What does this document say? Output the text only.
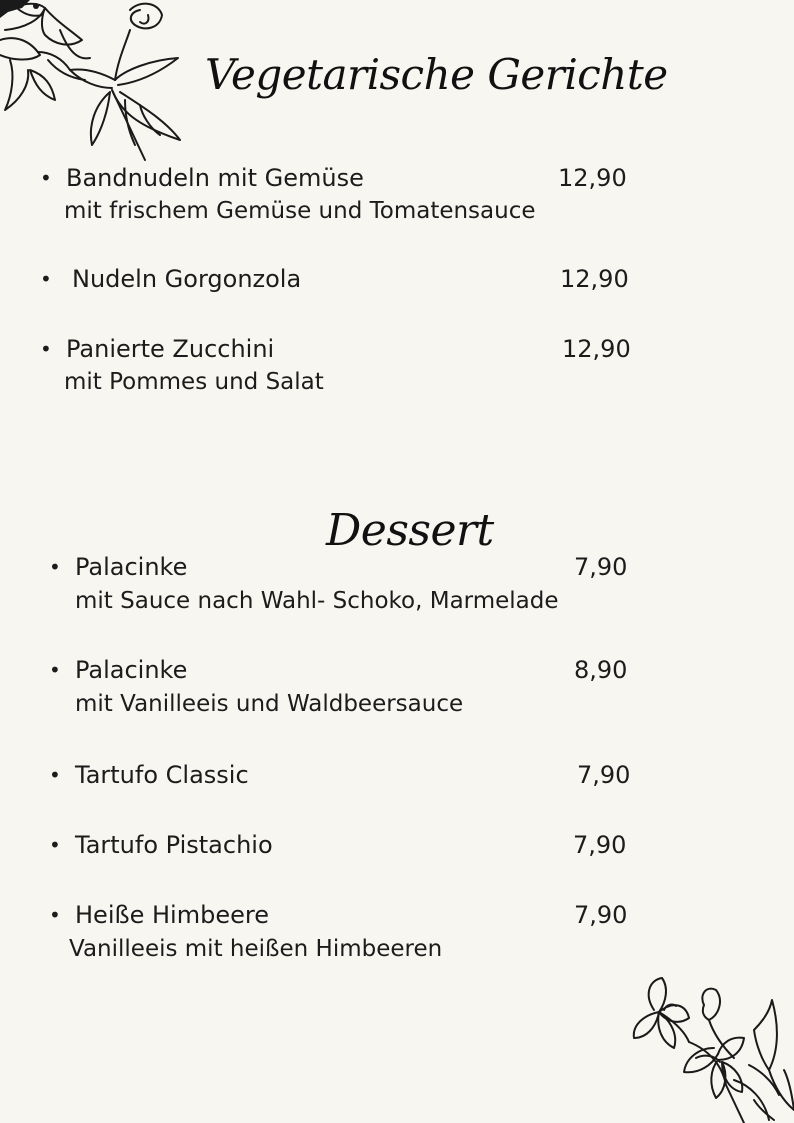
Vegetarische Gerichte
• Bandnudeln mit Gemüse	12,90
mit frischem Gemüse und Tomatensauce
• Nudeln Gorgonzola	12,90
• Panierte Zucchini	12,90
mit Pommes und Salat
Dessert
• Palacinke	7,90
mit Sauce nach Wahl- Schoko, Marmelade
• Palacinke	8,90
mit Vanilleeis und Waldbeersauce
• Tartufo Classic	7,90
• Tartufo Pistachio	7,90
• Heiße Himbeere	7,90
Vanilleeis mit heißen Himbeeren
